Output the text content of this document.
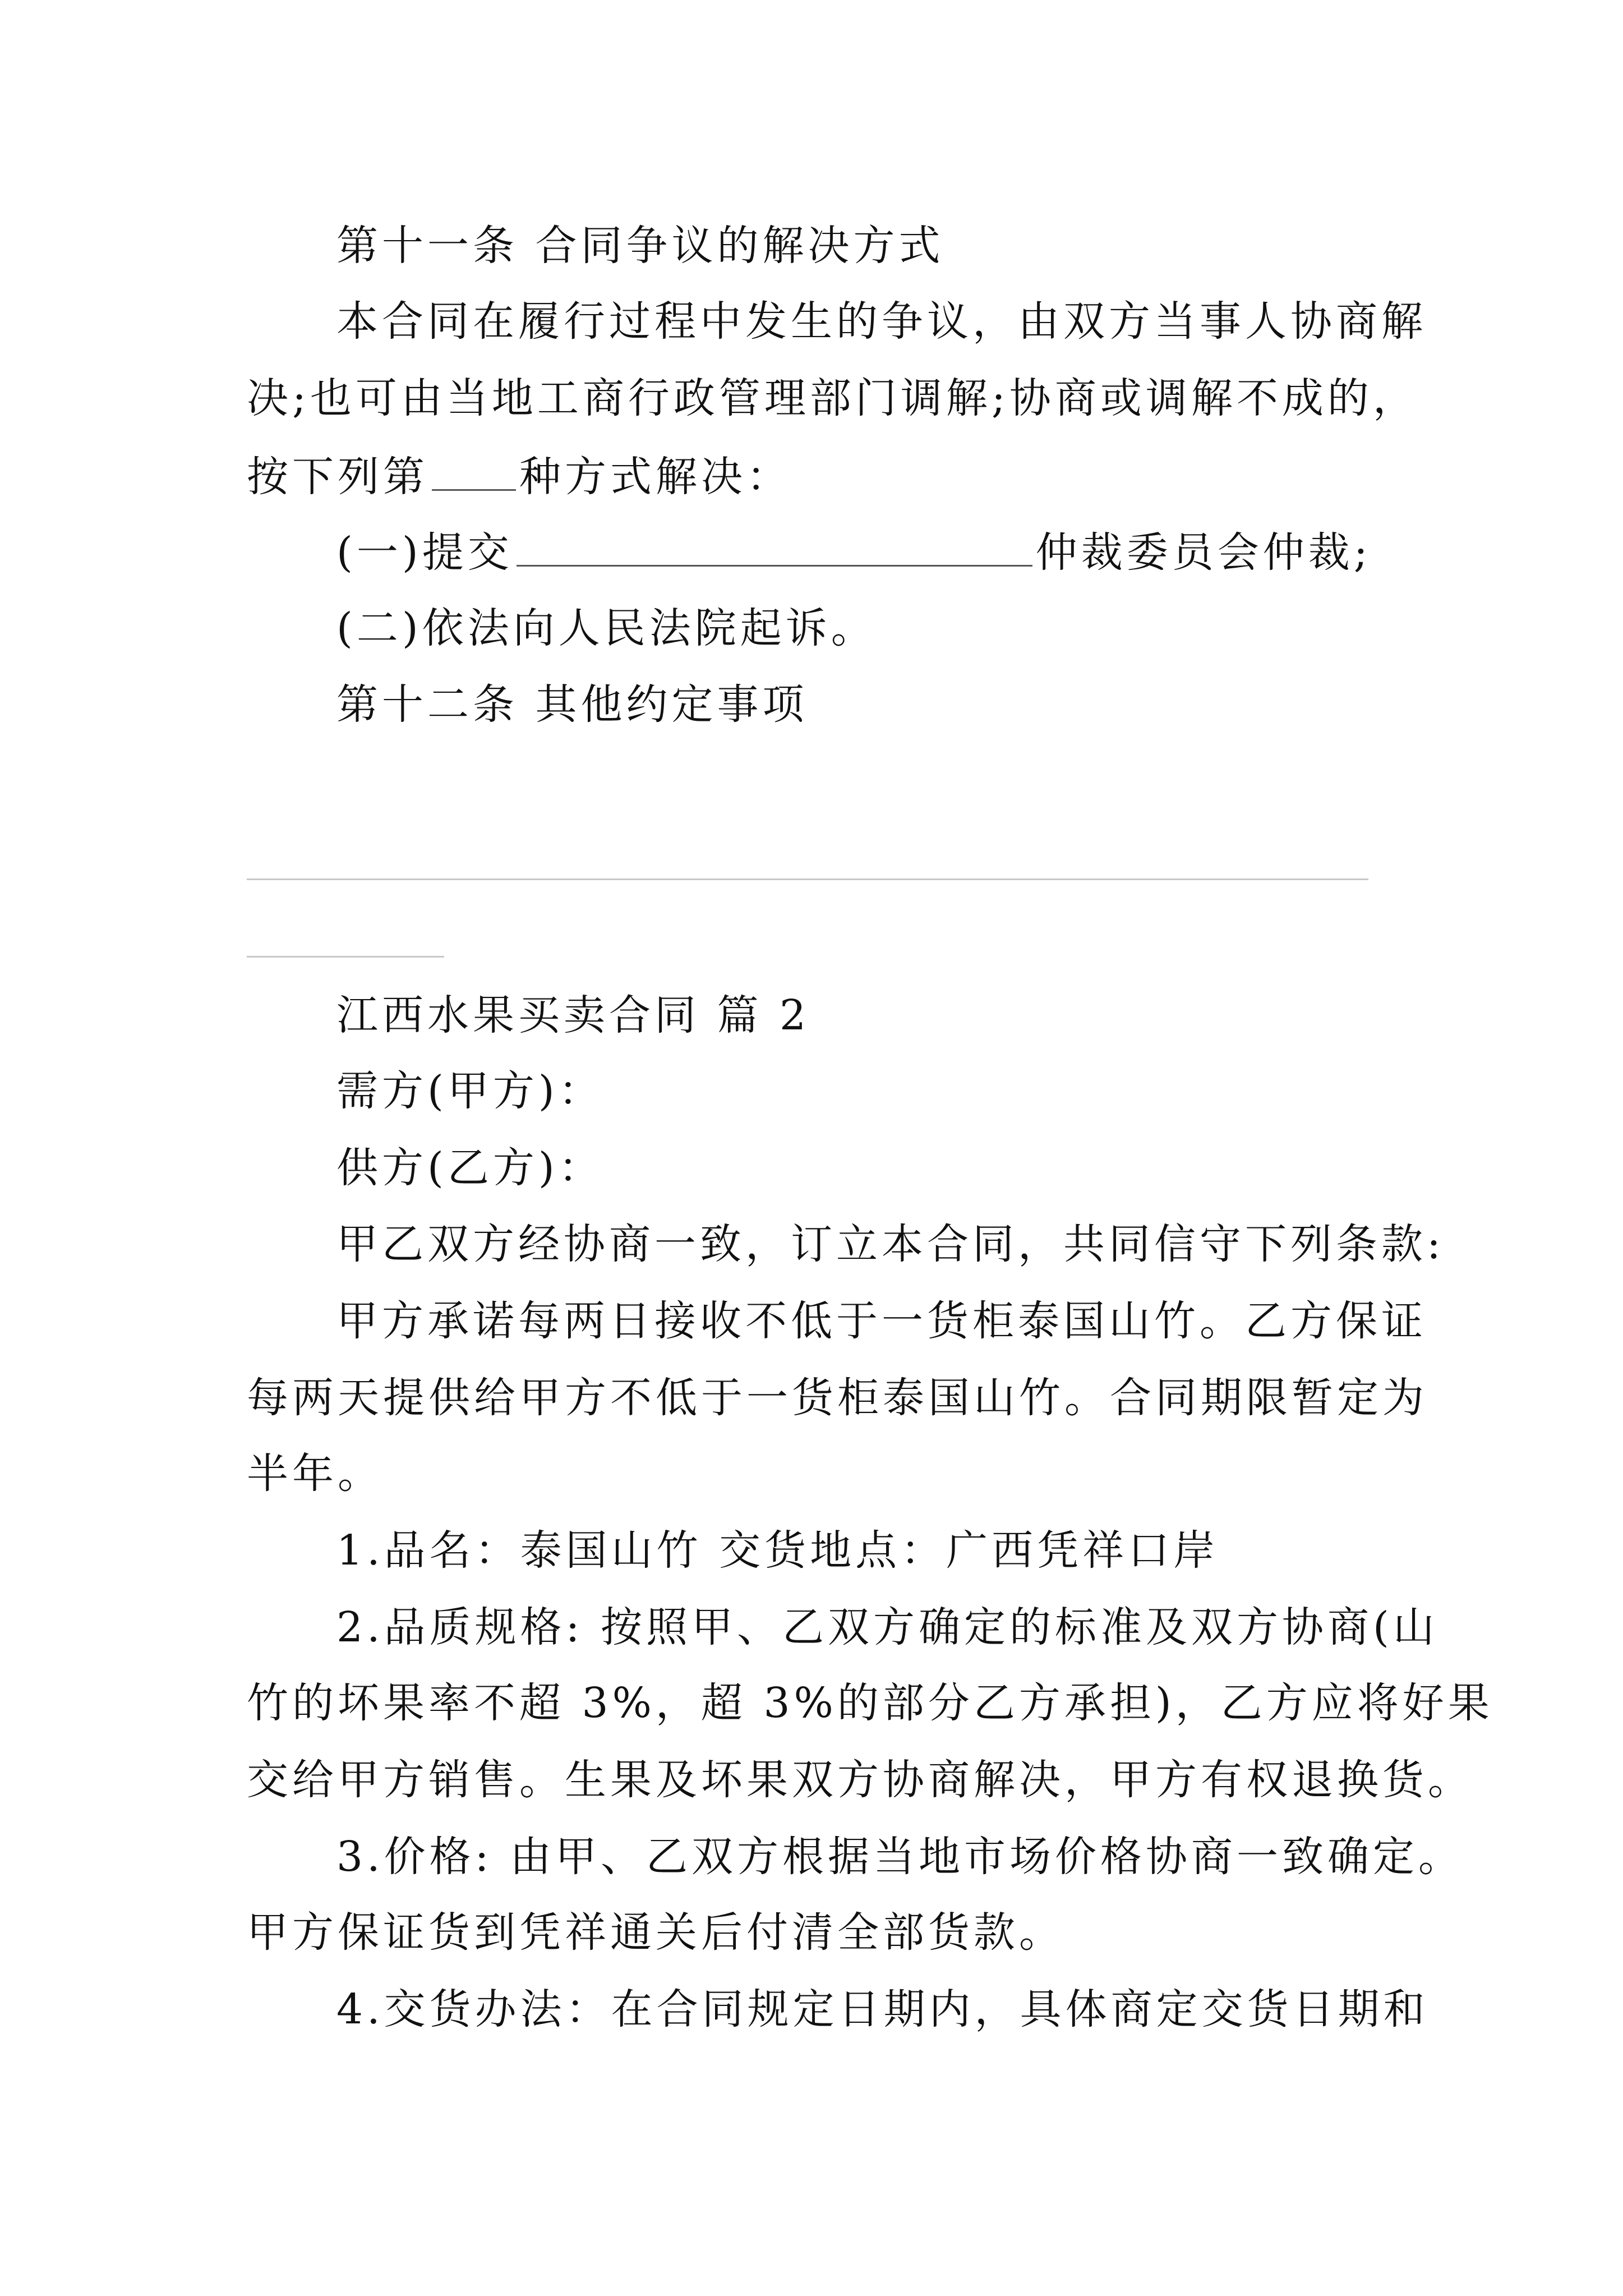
第十一条 合同争议的解决方式
本合同在履行过程中发生的争议，由双方当事人协商解
决;也可由当地工商行政管理部门调解;协商或调解不成的，
按下列第 种方式解决：
(一)提交	仲裁委员会仲裁;
(二)依法向人民法院起诉。
第十二条 其他约定事项
江西水果买卖合同 篇 2
需方(甲方)：
供方(乙方)：
甲乙双方经协商一致，订立本合同，共同信守下列条款:
甲方承诺每两日接收不低于一货柜泰国山竹。乙方保证
每两天提供给甲方不低于一货柜泰国山竹。合同期限暂定为
半年。
1.品名：泰国山竹 交货地点：广西凭祥口岸
2.品质规格: 按照甲、乙双方确定的标准及双方协商(山
竹的坏果率不超 3%，超 3%的部分乙方承担)，乙方应将好果
交给甲方销售。生果及坏果双方协商解决，甲方有权退换货。
3.价格: 由甲、乙双方根据当地市场价格协商一致确定。
甲方保证货到凭祥通关后付清全部货款。
4.交货办法：在合同规定日期内，具体商定交货日期和
